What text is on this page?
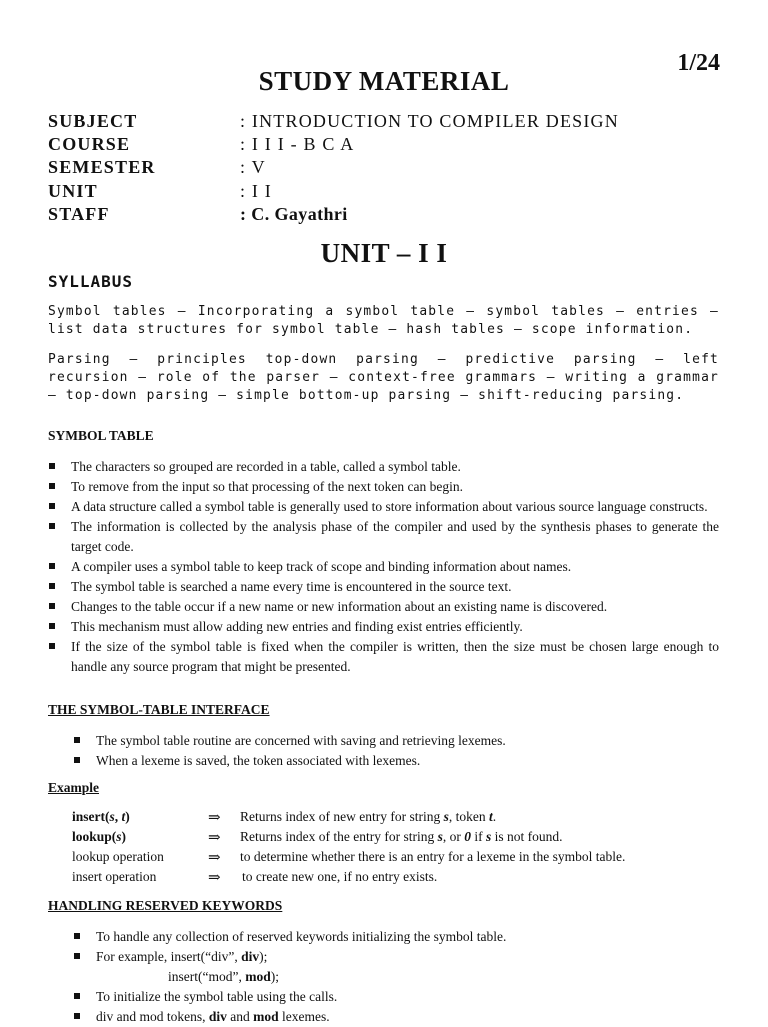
1/24
STUDY MATERIAL
SUBJECT	: INTRODUCTION TO COMPILER DESIGN
COURSE	: I I I - B C A
SEMESTER	: V
UNIT	: I I
STAFF	: C. Gayathri
UNIT – I I
SYLLABUS
Symbol tables – Incorporating a symbol table – symbol tables – entries – list data structures for symbol table – hash tables – scope information.
Parsing – principles top-down parsing – predictive parsing – left recursion – role of the parser – context-free grammars – writing a grammar – top-down parsing – simple bottom-up parsing – shift-reducing parsing.
SYMBOL TABLE
The characters so grouped are recorded in a table, called a symbol table.
To remove from the input so that processing of the next token can begin.
A data structure called a symbol table is generally used to store information about various source language constructs.
The information is collected by the analysis phase of the compiler and used by the synthesis phases to generate the target code.
A compiler uses a symbol table to keep track of scope and binding information about names.
The symbol table is searched a name every time is encountered in the source text.
Changes to the table occur if a new name or new information about an existing name is discovered.
This mechanism must allow adding new entries and finding exist entries efficiently.
If the size of the symbol table is fixed when the compiler is written, then the size must be chosen large enough to handle any source program that might be presented.
THE SYMBOL-TABLE INTERFACE
The symbol table routine are concerned with saving and retrieving lexemes.
When a lexeme is saved, the token associated with lexemes.
Example
insert(s, t)	⇒ Returns index of new entry for string s, token t.
lookup(s)	⇒ Returns index of the entry for string s, or 0 if s is not found.
lookup operation	⇒ to determine whether there is an entry for a lexeme in the symbol table.
insert operation	⇒ to create new one, if no entry exists.
HANDLING RESERVED KEYWORDS
To handle any collection of reserved keywords initializing the symbol table.
For example, insert(“div”, div);
insert(“mod”, mod);
To initialize the symbol table using the calls.
div and mod tokens, div and mod lexemes.
